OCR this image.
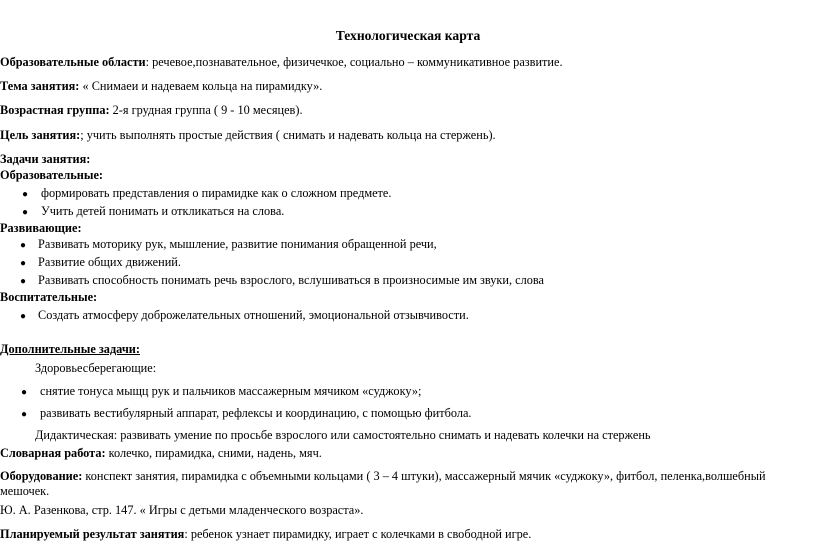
Технологическая карта
Образовательные области: речевое,познавательное, физичечкое, социально – коммуникативное развитие.
Тема занятия: « Снимаеи и надеваем кольца на пирамидку».
Возрастная группа: 2-я грудная группа ( 9 - 10 месяцев).
Цель занятия:; учить выполнять простые действия ( снимать и надевать кольца на стержень).
Задачи занятия:
Образовательные:
● формировать представления о пирамидке как о сложном предмете.
● Учить детей понимать и откликаться на слова.
Развивающие:
● Развивать моторику рук, мышление, развитие понимания обращенной речи,
● Развитие общих движений.
● Развивать способность понимать речь взрослого, вслушиваться в произносимые им звуки, слова
Воспитательные:
● Создать атмосферу доброжелательных отношений, эмоциональной отзывчивости.
Дополнительные задачи:
Здоровьесберегающие:
● снятие тонуса мыщц рук и пальчиков массажерным мячиком «суджоку»;
● развивать вестибулярный аппарат, рефлексы и координацию, с помощью фитбола.
Дидактическая: развивать умение по просьбе взрослого или самостоятельно снимать и надевать колечки на стержень
Словарная работа: колечко, пирамидка, сними, надень, мяч.
Оборудование: конспект занятия, пирамидка с объемными кольцами ( 3 – 4 штуки), массажерный мячик «суджоку», фитбол, пеленка,волшебный мешочек.
Ю. А. Разенкова, стр. 147. « Игры с детьми младенческого возраста».
Планируемый результат занятия: ребенок узнает пирамидку, играет с колечками в свободной игре.
